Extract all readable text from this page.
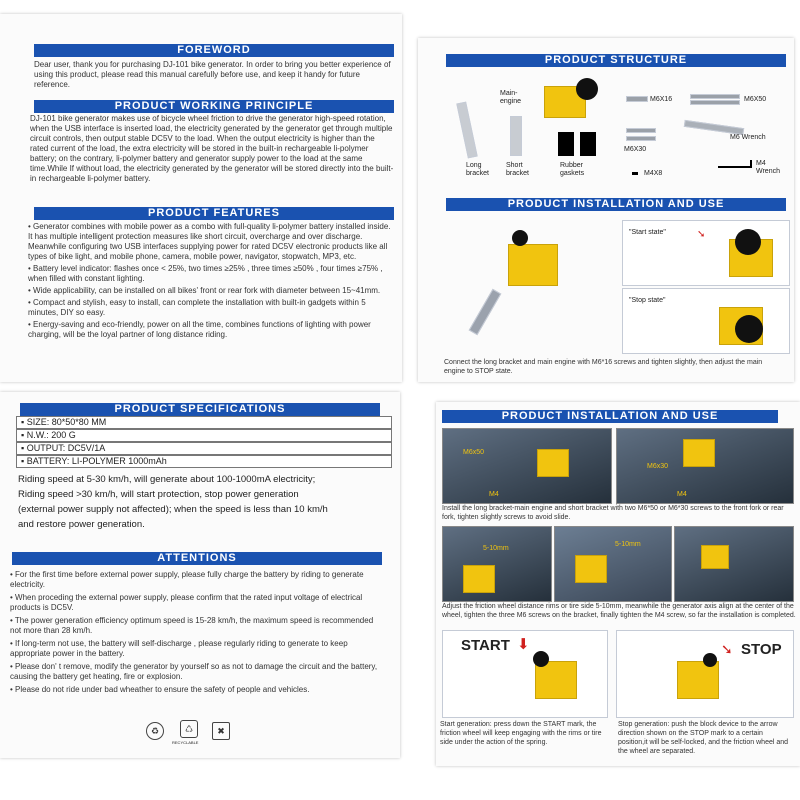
FOREWORD
Dear user, thank you for purchasing DJ-101 bike generator. In order to bring you better experience of using this product, please read this manual carefully before use, and keep it handy for future reference.
PRODUCT WORKING PRINCIPLE
DJ-101 bike generator makes use of bicycle wheel friction to drive the generator high-speed rotation, when the USB interface is inserted load, the electricity generated by the generator get through multiple circuit controls, then output stable DC5V to the load. When the output electricity is higher than the rated current of the load, the extra electricity will be stored in the built-in rechargeable li-polymer battery; on the contrary, li-polymer battery and generator supply power to the load at the same time.While If without load, the electricity generated by the generator will be stored directly into the built-in rechargeable li-polymer battery.
PRODUCT FEATURES
• Generator combines with mobile power as a combo with full-quality li-polymer battery installed inside. It has multiple intelligent protection measures like short circuit, overcharge and over discharge. Meanwhile configuring two USB interfaces supplying power for rated DC5V electronic products like all types of bike light, and mobile phone, camera, mobile power, navigator, stopwatch, MP3, etc.
• Battery level indicator: flashes once < 25%, two times ≥25% , three times ≥50% , four times ≥75% , when filled with constant lighting.
• Wide applicability, can be installed on all bikes' front or rear fork with diameter between 15~41mm.
• Compact and stylish, easy to install, can complete the installation with built-in gadgets within 5 minutes, DIY so easy.
• Energy-saving and eco-friendly, power on all the time, combines functions of lighting with power charging, will be the loyal partner of long distance riding.
PRODUCT SPECIFICATIONS
▪ SIZE: 80*50*80 MM
▪ N.W.: 200 G
▪ OUTPUT: DC5V/1A
▪ BATTERY: LI-POLYMER 1000mAh
Riding speed at 5-30 km/h, will generate about 100-1000mA electricity;
Riding speed >30 km/h, will start protection, stop power generation
(external power supply not affected); when the speed is less than 10 km/h
and restore power generation.
ATTENTIONS
• For the first time before external power supply, please fully charge the battery by riding to generate electricity.
• When proceding the external power supply, please confirm that the rated input voltage of electrical products is DC5V.
• The power generation efficiency optimum speed is 15-28 km/h, the maximum speed is recommended not more than 28 km/h.
• If long-term not use, the battery will self-discharge , please regularly riding to generate to keep appropriate power in the battery.
• Please don' t remove, modify the generator by yourself so as not to damage the circuit and the battery, causing the battery get heating, fire or explosion.
• Please do not ride under bad wheather to ensure the safety of people and vehicles.
♻	♺
RECYCLABLE
✖
PRODUCT STRUCTURE
Main-
engine
Long
bracket
Short
bracket
Rubber
gaskets
M6X16	M6X50
M6 Wrench
M6X30
M4
Wrench
M4X8
PRODUCT INSTALLATION AND USE
"Start state"	➘
"Stop state"
Connect the long bracket and main engine with M6*16 screws and tighten slightly, then adjust the main engine to STOP state.
PRODUCT INSTALLATION AND USE
M6x50
M4
M6x30
M4
Install the long bracket-main engine and short bracket with two M6*50 or M6*30 screws to the front fork or rear fork, tighten slightly screws to avoid slide.
5-10mm
5-10mm
Adjust the friction wheel distance rims or tire side 5-10mm, meanwhile the generator axis align at the center of the wheel, tighten the three M6 screws on the bracket, finally tighten the M4 screw, so far the installation is completed.
START ⬇	➘ STOP
Start generation: press down the START mark, the friction wheel will keep engaging with the rims or tire side under the action of the spring.
Stop generation: push the block device to the arrow direction shown on the STOP mark to a certain position,it will be self-locked, and the friction wheel and the wheel are separated.
